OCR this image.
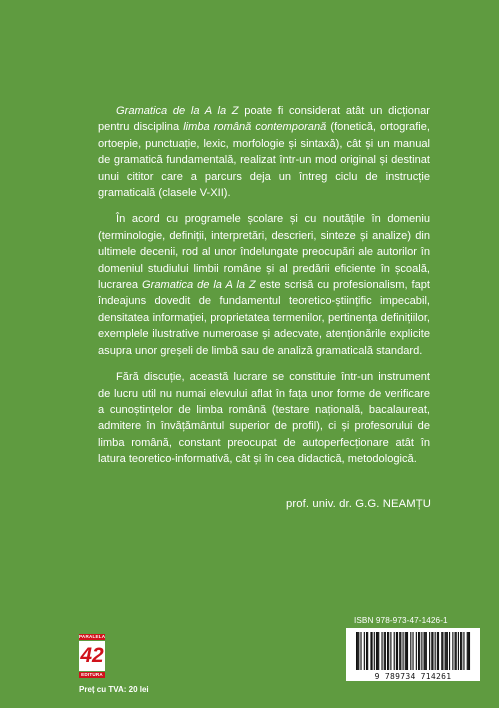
Gramatica de la A la Z poate fi considerat atât un dicționar pentru disciplina limba română contemporană (fonetică, ortografie, ortoepie, punctuație, lexic, morfologie și sintaxă), cât și un manual de gramatică fundamentală, realizat într-un mod original și destinat unui cititor care a parcurs deja un întreg ciclu de instrucție gramaticală (clasele V-XII).

În acord cu programele școlare și cu noutățile în domeniu (terminologie, definiții, interpretări, descrieri, sinteze și analize) din ultimele decenii, rod al unor îndelungate preocupări ale autorilor în domeniul studiului limbii române și al predării eficiente în școală, lucrarea Gramatica de la A la Z este scrisă cu profesionalism, fapt îndeajuns dovedit de fundamentul teoretico-științific impecabil, densitatea informației, proprietatea termenilor, pertinența definițiilor, exemplele ilustrative numeroase și adecvate, atenționările explicite asupra unor greșeli de limbă sau de analiză gramaticală standard.

Fără discuție, această lucrare se constituie într-un instrument de lucru util nu numai elevului aflat în fața unor forme de verificare a cunoștințelor de limba română (testare națională, bacalaureat, admitere în învățământul superior de profil), ci și profesorului de limba română, constant preocupat de autoperfecționare atât în latura teoretico-informativă, cât și în cea didactică, metodologică.

prof. univ. dr. G.G. NEAMȚU
PARALELA
42
EDITURA
Preț cu TVA: 20 lei
ISBN 978-973-47-1426-1
9 789734 714261
